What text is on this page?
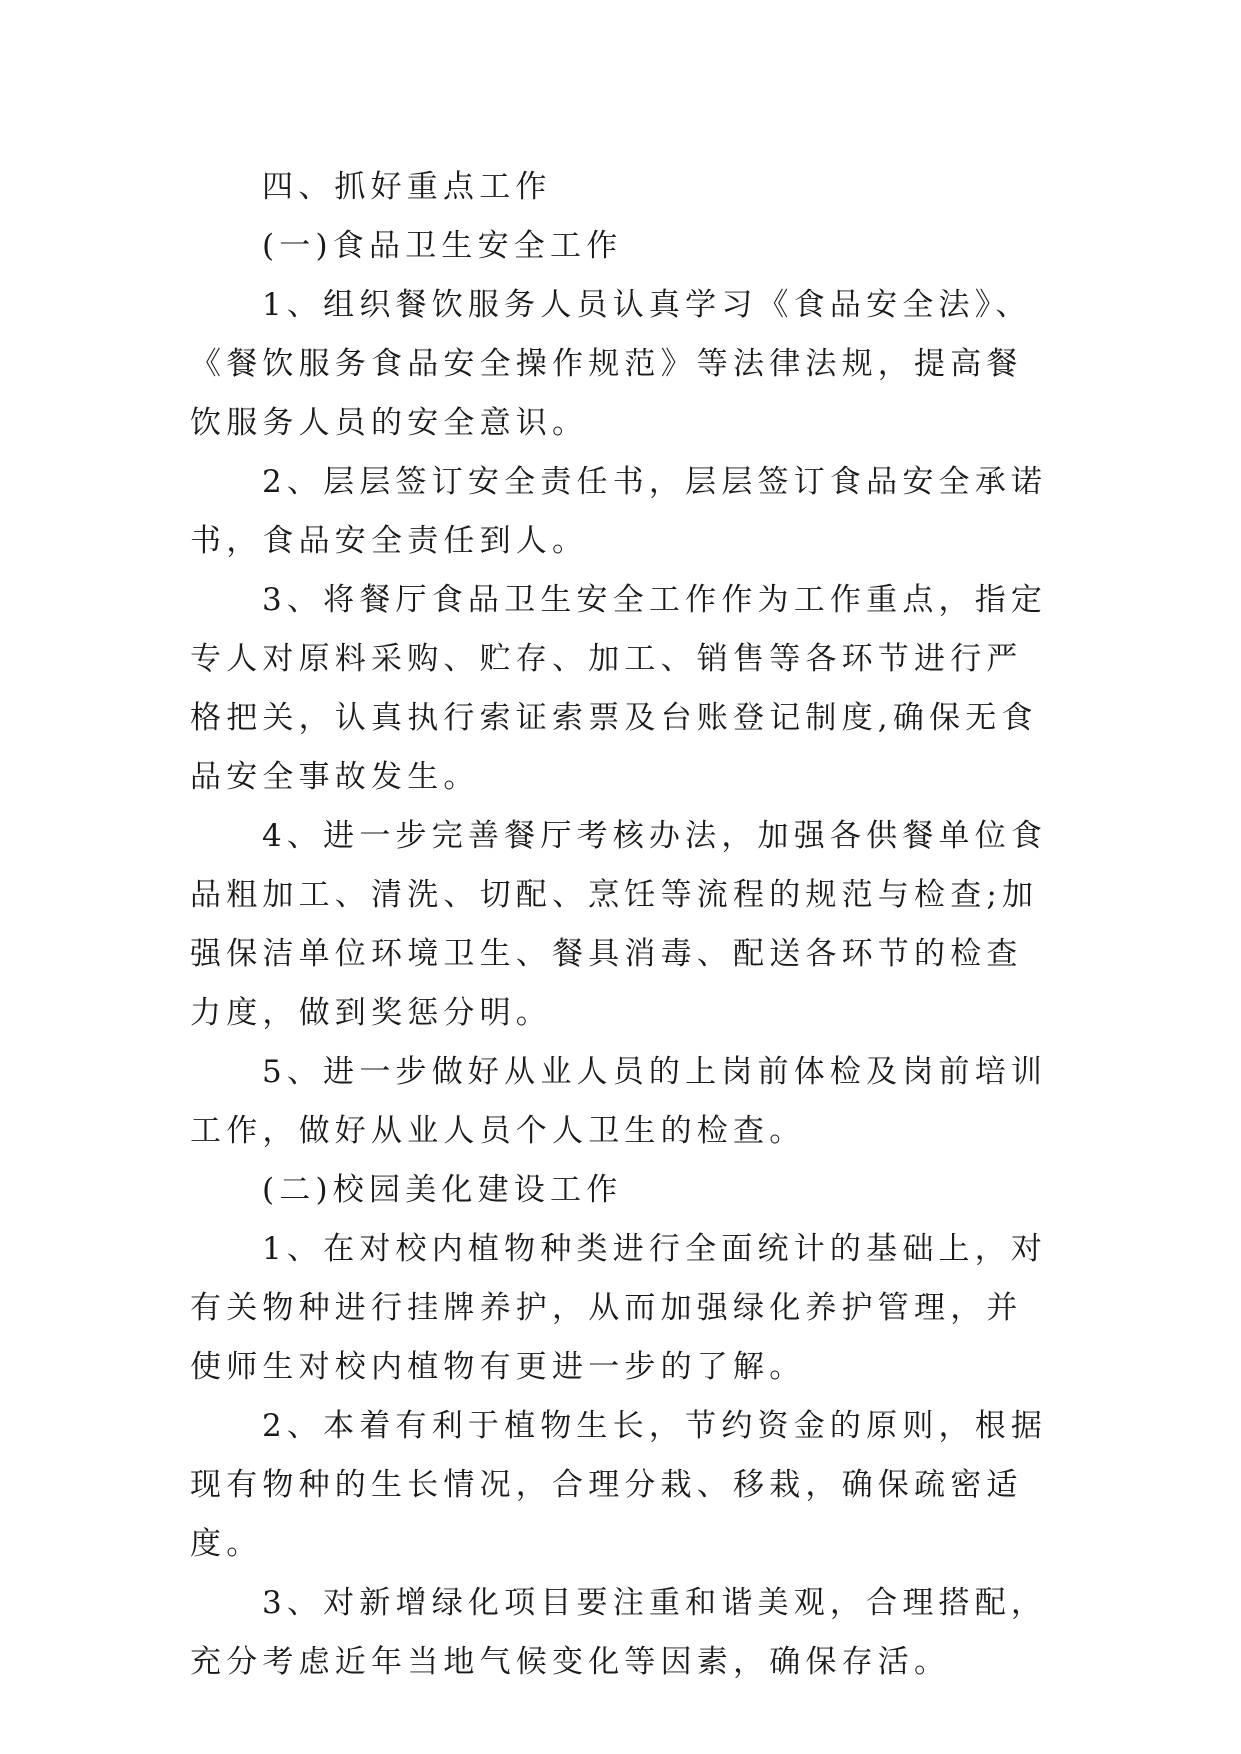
四、抓好重点工作

(一)食品卫生安全工作

1、组织餐饮服务人员认真学习《食品安全法》、《餐饮服务食品安全操作规范》等法律法规，提高餐饮服务人员的安全意识。

2、层层签订安全责任书，层层签订食品安全承诺书，食品安全责任到人。

3、将餐厅食品卫生安全工作作为工作重点，指定专人对原料采购、贮存、加工、销售等各环节进行严格把关，认真执行索证索票及台账登记制度,确保无食品安全事故发生。

4、进一步完善餐厅考核办法，加强各供餐单位食品粗加工、清洗、切配、烹饪等流程的规范与检查;加强保洁单位环境卫生、餐具消毒、配送各环节的检查力度，做到奖惩分明。

5、进一步做好从业人员的上岗前体检及岗前培训工作，做好从业人员个人卫生的检查。

(二)校园美化建设工作

1、在对校内植物种类进行全面统计的基础上，对有关物种进行挂牌养护，从而加强绿化养护管理，并使师生对校内植物有更进一步的了解。

2、本着有利于植物生长，节约资金的原则，根据现有物种的生长情况，合理分栽、移栽，确保疏密适度。

3、对新增绿化项目要注重和谐美观，合理搭配，充分考虑近年当地气候变化等因素，确保存活。
